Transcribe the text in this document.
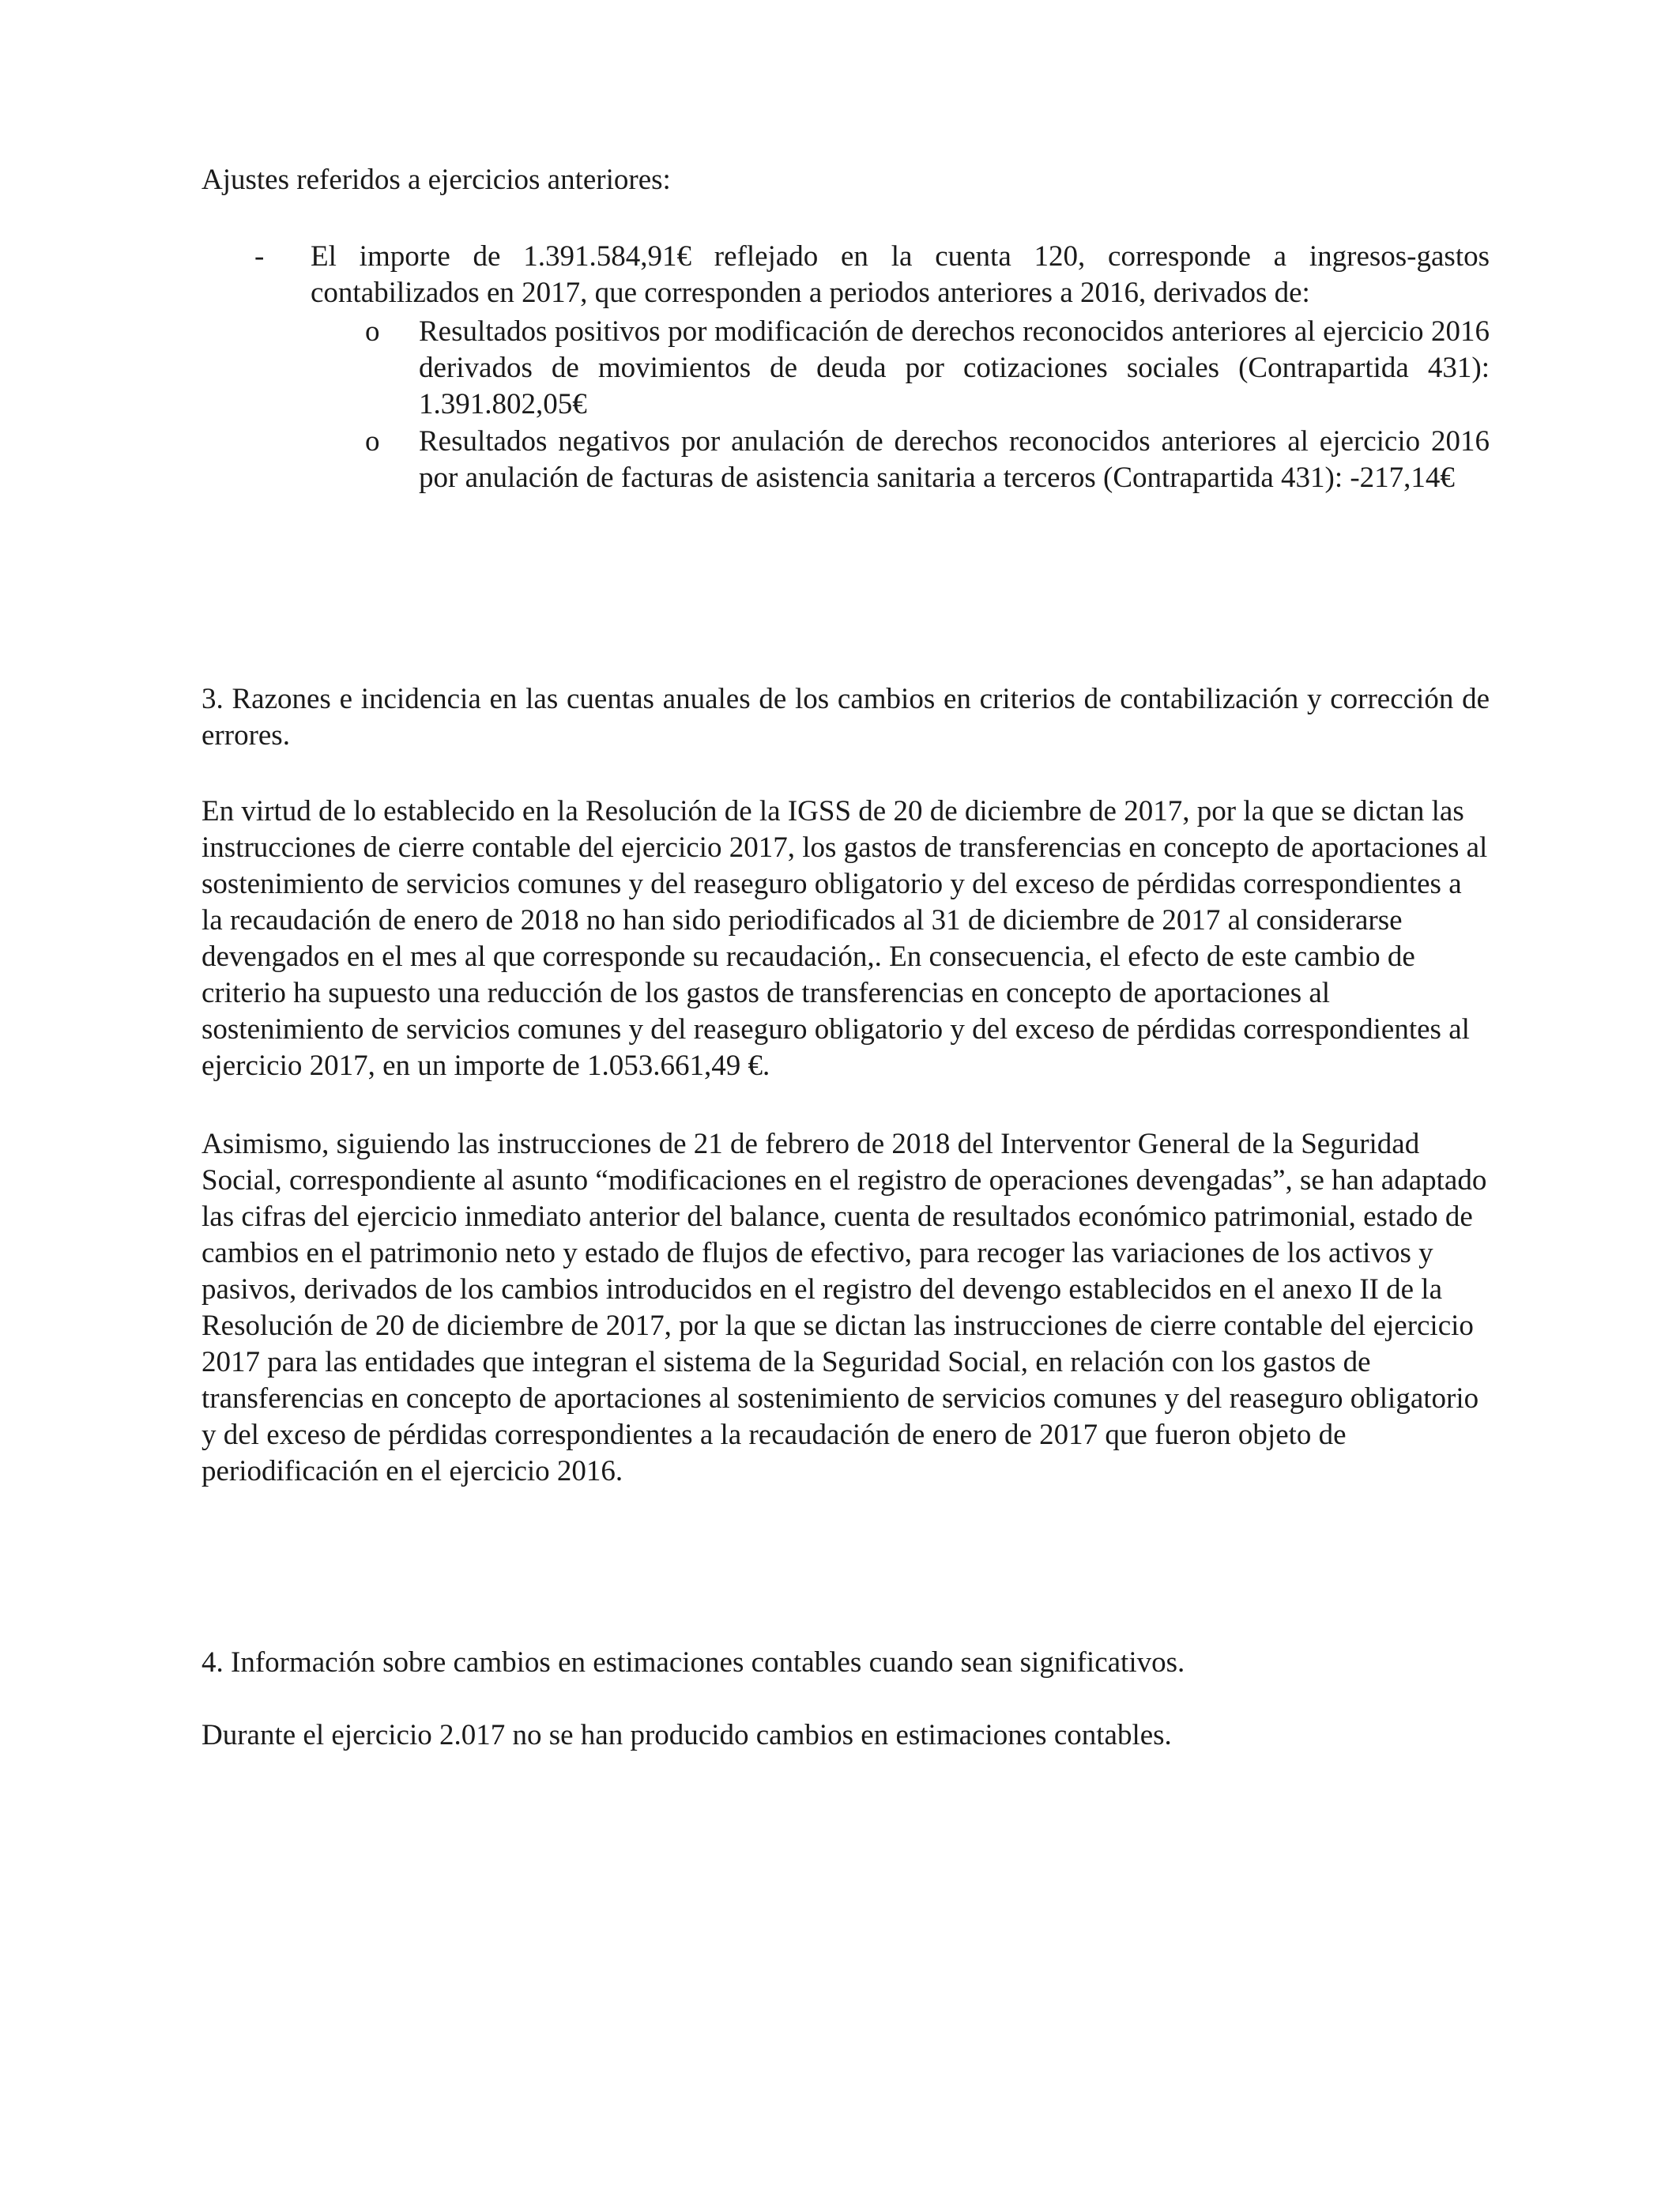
Ajustes referidos a ejercicios anteriores:
- El importe de 1.391.584,91€ reflejado en la cuenta 120, corresponde a ingresos-gastos contabilizados en 2017, que corresponden a periodos anteriores a 2016, derivados de:
o Resultados positivos por modificación de derechos reconocidos anteriores al ejercicio 2016 derivados de movimientos de deuda por cotizaciones sociales (Contrapartida 431): 1.391.802,05€
o Resultados negativos por anulación de derechos reconocidos anteriores al ejercicio 2016 por anulación de facturas de asistencia sanitaria a terceros (Contrapartida 431): -217,14€
3. Razones e incidencia en las cuentas anuales de los cambios en criterios de contabilización y corrección de errores.
En virtud de lo establecido en la Resolución de la IGSS de 20 de diciembre de 2017, por la que se dictan las instrucciones de cierre contable del ejercicio 2017, los gastos de transferencias en concepto de aportaciones al sostenimiento de servicios comunes y del reaseguro obligatorio y del exceso de pérdidas correspondientes a la recaudación de enero de 2018 no han sido periodificados al 31 de diciembre de 2017 al considerarse devengados en el mes al que corresponde su recaudación,. En consecuencia, el efecto de este cambio de criterio ha supuesto una reducción de los gastos de transferencias en concepto de aportaciones al sostenimiento de servicios comunes y del reaseguro obligatorio y del exceso de pérdidas correspondientes al ejercicio 2017, en un importe de 1.053.661,49 €.
Asimismo, siguiendo las instrucciones de 21 de febrero de 2018 del Interventor General de la Seguridad Social, correspondiente al asunto “modificaciones en el registro de operaciones devengadas”, se han adaptado las cifras del ejercicio inmediato anterior del balance, cuenta de resultados económico patrimonial, estado de cambios en el patrimonio neto y estado de flujos de efectivo, para recoger las variaciones de los activos y pasivos, derivados de los cambios introducidos en el registro del devengo establecidos en el anexo II de la Resolución de 20 de diciembre de 2017, por la que se dictan las instrucciones de cierre contable del ejercicio 2017 para las entidades que integran el sistema de la Seguridad Social, en relación con los gastos de transferencias en concepto de aportaciones al sostenimiento de servicios comunes y del reaseguro obligatorio y del exceso de pérdidas correspondientes a la recaudación de enero de 2017 que fueron objeto de periodificación en el ejercicio 2016.
4. Información sobre cambios en estimaciones contables cuando sean significativos.
Durante el ejercicio 2.017 no se han producido cambios en estimaciones contables.
